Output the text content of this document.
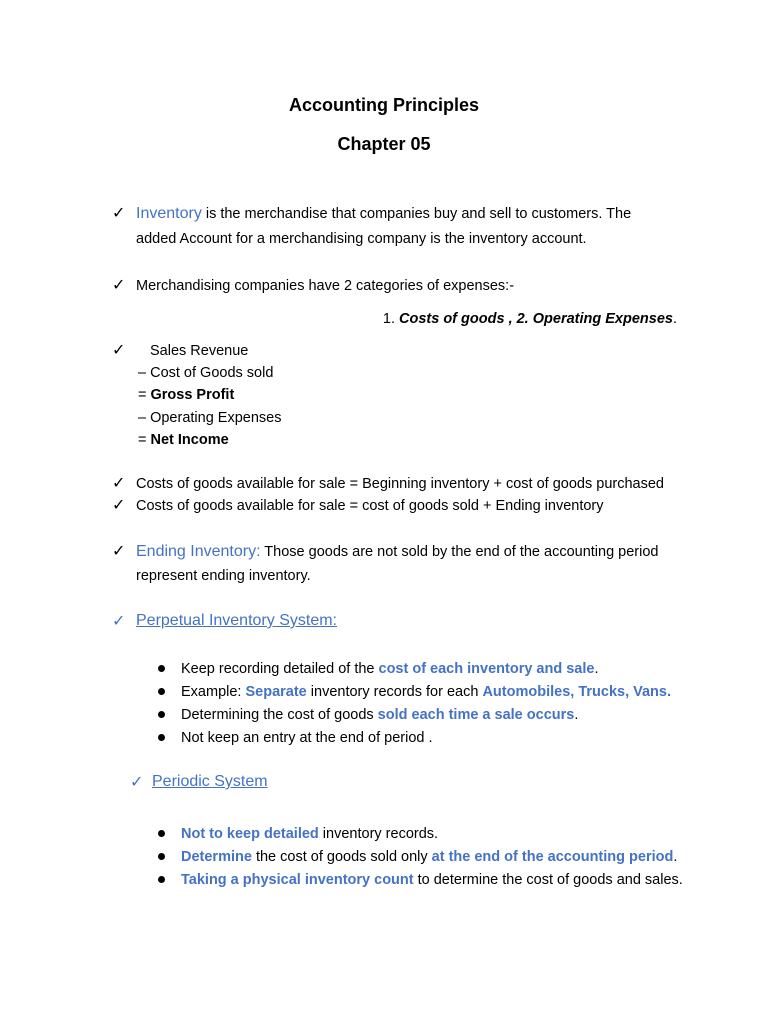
Accounting Principles
Chapter 05
✓ Inventory is the merchandise that companies buy and sell to customers. The
added Account for a merchandising company is the inventory account.
✓ Merchandising companies have 2 categories of expenses:-
1. Costs of goods , 2. Operating Expenses.
✓ Sales Revenue
– Cost of Goods sold
= Gross Profit
– Operating Expenses
= Net Income
✓ Costs of goods available for sale = Beginning inventory + cost of goods purchased
✓ Costs of goods available for sale = cost of goods sold + Ending inventory
✓ Ending Inventory: Those goods are not sold by the end of the accounting period
represent ending inventory.
✓ Perpetual Inventory System:
Keep recording detailed of the cost of each inventory and sale.
Example: Separate inventory records for each Automobiles, Trucks, Vans.
Determining the cost of goods sold each time a sale occurs.
Not keep an entry at the end of period .
✓ Periodic System
Not to keep detailed inventory records.
Determine the cost of goods sold only at the end of the accounting period.
Taking a physical inventory count to determine the cost of goods and sales.
